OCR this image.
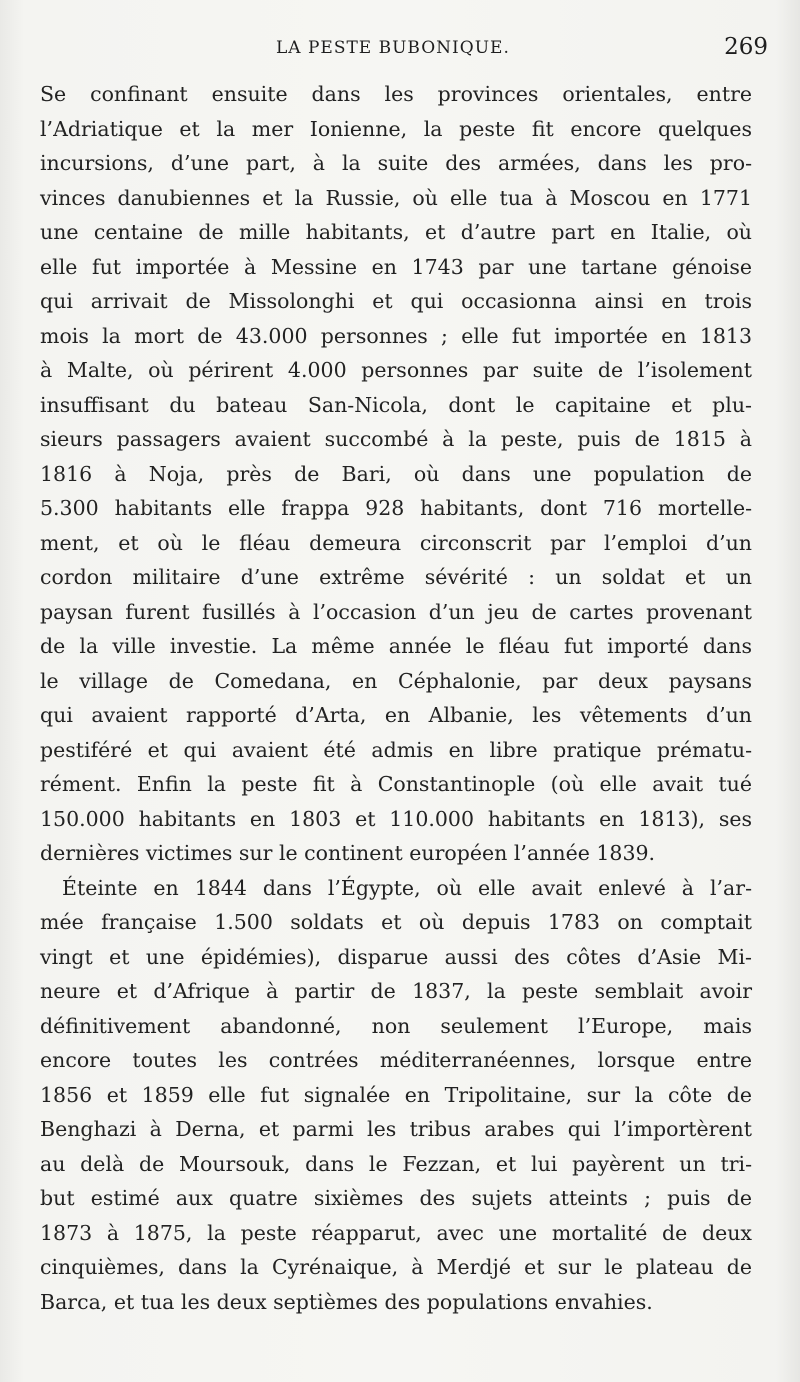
LA PESTE BUBONIQUE.	269
Se confinant ensuite dans les provinces orientales, entre
l’Adriatique et la mer Ionienne, la peste fit encore quelques
incursions, d’une part, à la suite des armées, dans les pro-
vinces danubiennes et la Russie, où elle tua à Moscou en 1771
une centaine de mille habitants, et d’autre part en Italie, où
elle fut importée à Messine en 1743 par une tartane génoise
qui arrivait de Missolonghi et qui occasionna ainsi en trois
mois la mort de 43.000 personnes ; elle fut importée en 1813
à Malte, où périrent 4.000 personnes par suite de l’isolement
insuffisant du bateau San-Nicola, dont le capitaine et plu-
sieurs passagers avaient succombé à la peste, puis de 1815 à
1816 à Noja, près de Bari, où dans une population de
5.300 habitants elle frappa 928 habitants, dont 716 mortelle-
ment, et où le fléau demeura circonscrit par l’emploi d’un
cordon militaire d’une extrême sévérité : un soldat et un
paysan furent fusillés à l’occasion d’un jeu de cartes provenant
de la ville investie. La même année le fléau fut importé dans
le village de Comedana, en Céphalonie, par deux paysans
qui avaient rapporté d’Arta, en Albanie, les vêtements d’un
pestiféré et qui avaient été admis en libre pratique prématu-
rément. Enfin la peste fit à Constantinople (où elle avait tué
150.000 habitants en 1803 et 110.000 habitants en 1813), ses
dernières victimes sur le continent européen l’année 1839.
Éteinte en 1844 dans l’Égypte, où elle avait enlevé à l’ar-
mée française 1.500 soldats et où depuis 1783 on comptait
vingt et une épidémies), disparue aussi des côtes d’Asie Mi-
neure et d’Afrique à partir de 1837, la peste semblait avoir
définitivement abandonné, non seulement l’Europe, mais
encore toutes les contrées méditerranéennes, lorsque entre
1856 et 1859 elle fut signalée en Tripolitaine, sur la côte de
Benghazi à Derna, et parmi les tribus arabes qui l’importèrent
au delà de Moursouk, dans le Fezzan, et lui payèrent un tri-
but estimé aux quatre sixièmes des sujets atteints ; puis de
1873 à 1875, la peste réapparut, avec une mortalité de deux
cinquièmes, dans la Cyrénaique, à Merdjé et sur le plateau de
Barca, et tua les deux septièmes des populations envahies.
